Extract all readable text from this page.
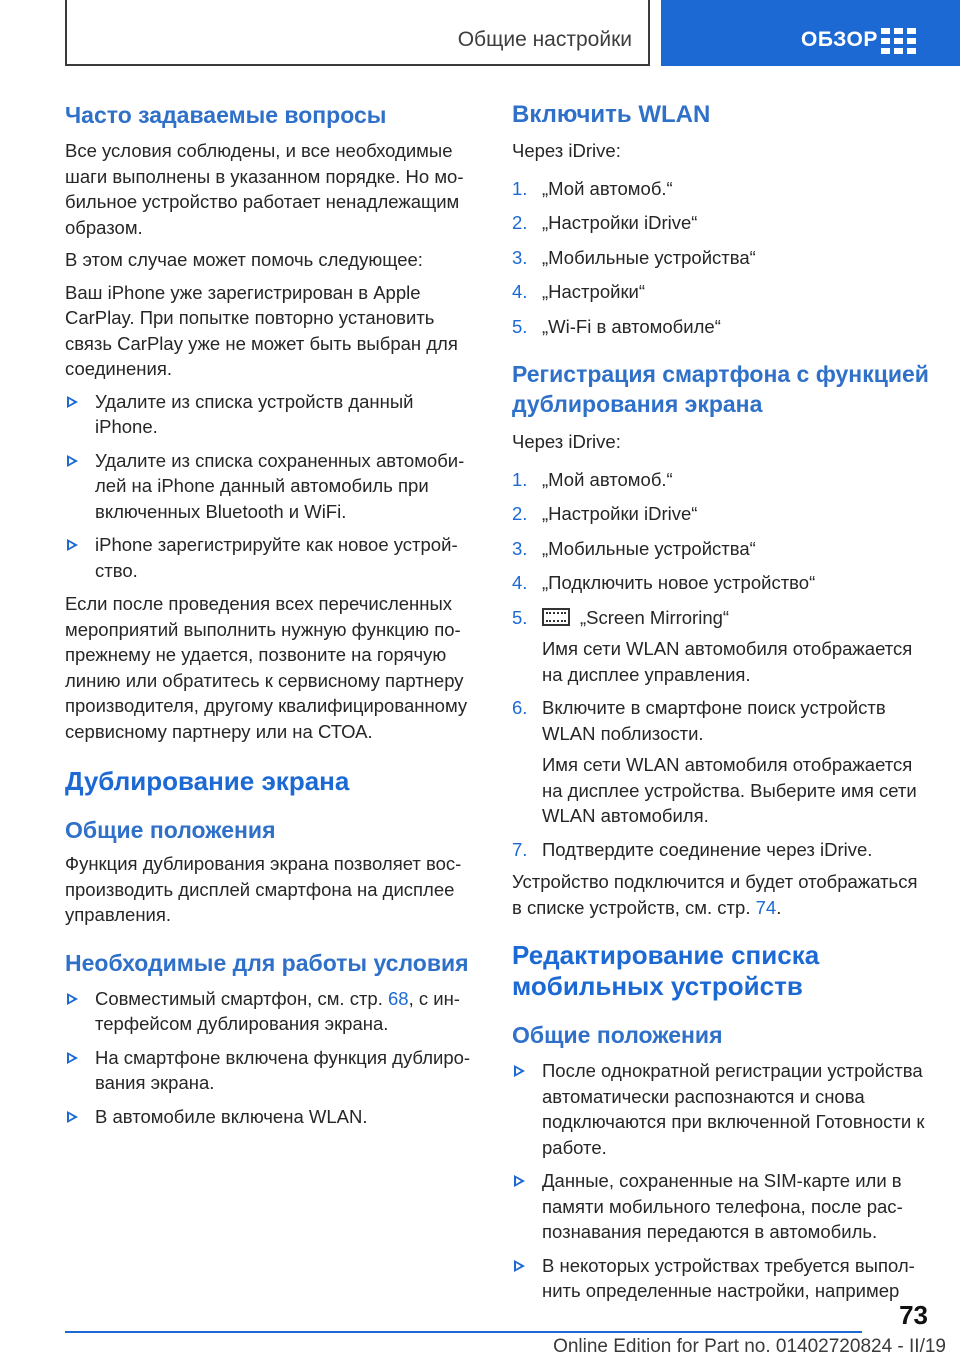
Общие настройки	ОБЗОР
Часто задаваемые вопросы

Все условия соблюдены, и все необходимые шаги выполнены в указанном порядке. Но мобильное устройство работает ненадлежащим образом.

В этом случае может помочь следующее:

Ваш iPhone уже зарегистрирован в Apple CarPlay. При попытке повторно установить связь CarPlay уже не может быть выбран для соединения.

Удалите из списка устройств данный iPhone.
Удалите из списка сохраненных автомобилей на iPhone данный автомобиль при включенных Bluetooth и WiFi.
iPhone зарегистрируйте как новое устройство.

Если после проведения всех перечисленных мероприятий выполнить нужную функцию попрежнему не удается, позвоните на горячую линию или обратитесь к сервисному партнеру производителя, другому квалифицированному сервисному партнеру или на СТОА.

Дублирование экрана
Общие положения

Функция дублирования экрана позволяет воспроизводить дисплей смартфона на дисплее управления.

Необходимые для работы условия
Совместимый смартфон, см. стр. 68, с интерфейсом дублирования экрана.
На смартфоне включена функция дублирования экрана.
В автомобиле включена WLAN.
Включить WLAN

Через iDrive:

1. „Мой автомоб.“
2. „Настройки iDrive“
3. „Мобильные устройства“
4. „Настройки“
5. „Wi-Fi в автомобиле“
Регистрация смартфона с функцией дублирования экрана

Через iDrive:

1. „Мой автомоб.“
2. „Настройки iDrive“
3. „Мобильные устройства“
4. „Подключить новое устройство“
5.	„Screen Mirroring“

Имя сети WLAN автомобиля отображается на дисплее управления.

6. Включите в смартфоне поиск устройств WLAN поблизости.

Имя сети WLAN автомобиля отображается на дисплее устройства. Выберите имя сети WLAN автомобиля.

7. Подтвердите соединение через iDrive.

Устройство подключится и будет отображаться в списке устройств, см. стр. 74.

Редактирование списка мобильных устройств
Общие положения
После однократной регистрации устройства автоматически распознаются и снова подключаются при включенной Готовности к работе.
Данные, сохраненные на SIM-карте или в памяти мобильного телефона, после распознавания передаются в автомобиль.
В некоторых устройствах требуется выполнить определенные настройки, например
73
Online Edition for Part no. 01402720824 - II/19
